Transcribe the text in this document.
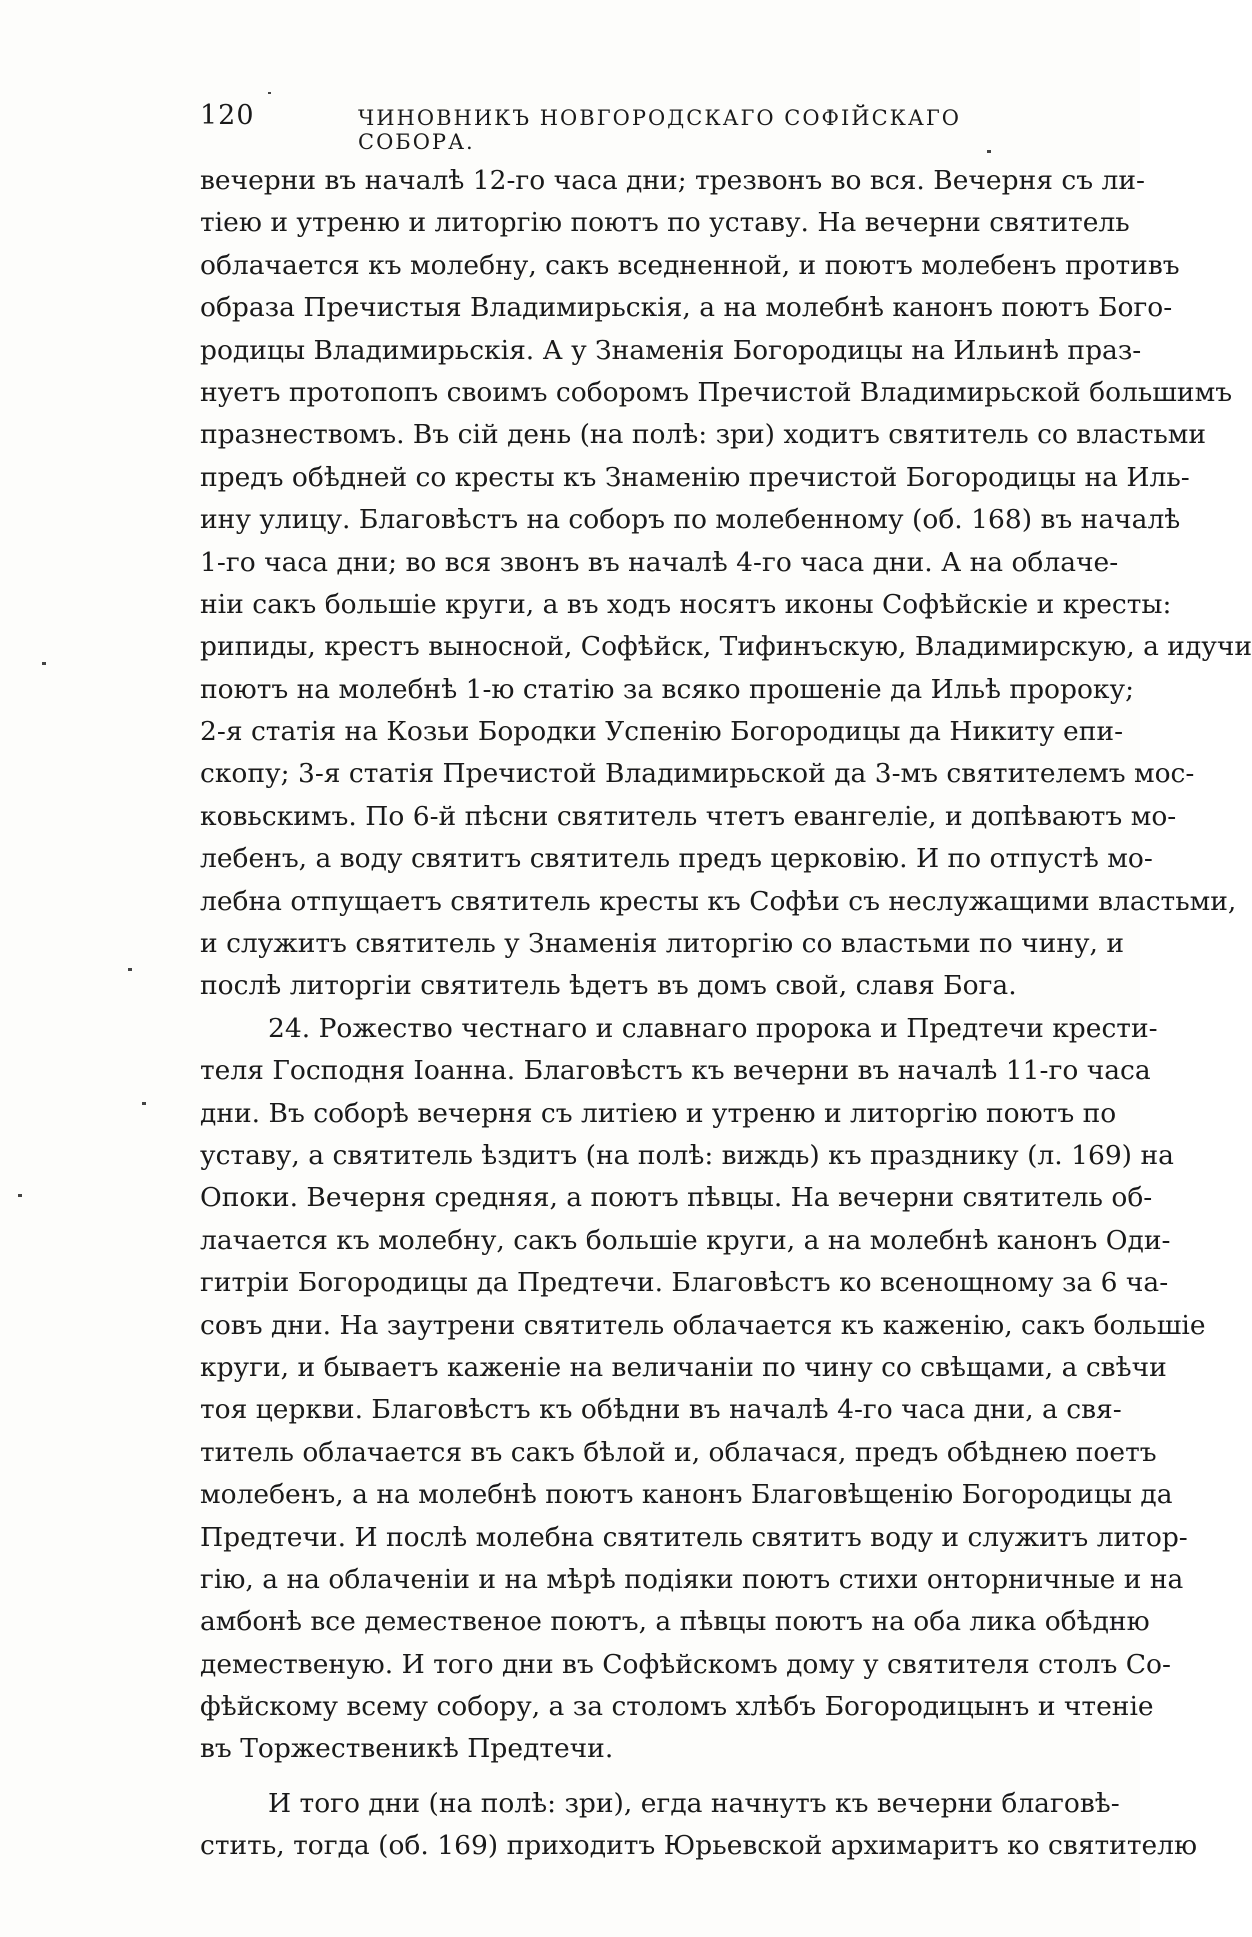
120	ЧИНОВНИКЪ НОВГОРОДСКАГО СОФІЙСКАГО СОБОРА.
вечерни въ началѣ 12-го часа дни; трезвонъ во вся. Вечерня съ ли-
тіею и утреню и литоргію поютъ по уставу. На вечерни святитель
облачается къ молебну, сакъ вседненной, и поютъ молебенъ противъ
образа Пречистыя Владимирьскія, а на молебнѣ канонъ поютъ Бого-
родицы Владимирьскія. А у Знаменія Богородицы на Ильинѣ праз-
нуетъ протопопъ своимъ соборомъ Пречистой Владимирьской большимъ
празнествомъ. Въ сій день (на полѣ: зри) ходитъ святитель со властьми
предъ обѣдней со кресты къ Знаменію пречистой Богородицы на Иль-
ину улицу. Благовѣстъ на соборъ по молебенному (об. 168) въ началѣ
1-го часа дни; во вся звонъ въ началѣ 4-го часа дни. А на облаче-
ніи сакъ большіе круги, а въ ходъ носятъ иконы Софѣйскіе и кресты:
рипиды, крестъ выносной, Софѣйск, Тифинъскую, Владимирскую, а идучи
поютъ на молебнѣ 1-ю статію за всяко прошеніе да Ильѣ пророку;
2-я статія на Козьи Бородки Успенію Богородицы да Никиту епи-
скопу; 3-я статія Пречистой Владимирьской да 3-мъ святителемъ мос-
ковьскимъ. По 6-й пѣсни святитель чтетъ евангеліе, и допѣваютъ мо-
лебенъ, а воду святитъ святитель предъ церковію. И по отпустѣ мо-
лебна отпущаетъ святитель кресты къ Софѣи съ неслужащими властьми,
и служитъ святитель у Знаменія литоргію со властьми по чину, и
послѣ литоргіи святитель ѣдетъ въ домъ свой, славя Бога.
24. Рожество честнаго и славнаго пророка и Предтечи крести-
теля Господня Іоанна. Благовѣстъ къ вечерни въ началѣ 11-го часа
дни. Въ соборѣ вечерня съ литіею и утреню и литоргію поютъ по
уставу, а святитель ѣздитъ (на полѣ: виждь) къ празднику (л. 169) на
Опоки. Вечерня средняя, а поютъ пѣвцы. На вечерни святитель об-
лачается къ молебну, сакъ большіе круги, а на молебнѣ канонъ Оди-
гитріи Богородицы да Предтечи. Благовѣстъ ко всенощному за 6 ча-
совъ дни. На заутрени святитель облачается къ каженію, сакъ большіе
круги, и бываетъ каженіе на величаніи по чину со свѣщами, а свѣчи
тоя церкви. Благовѣстъ къ обѣдни въ началѣ 4-го часа дни, а свя-
титель облачается въ сакъ бѣлой и, облачася, предъ обѣднею поетъ
молебенъ, а на молебнѣ поютъ канонъ Благовѣщенію Богородицы да
Предтечи. И послѣ молебна святитель святитъ воду и служитъ литор-
гію, а на облаченіи и на мѣрѣ подіяки поютъ стихи онторничные и на
амбонѣ все демественое поютъ, а пѣвцы поютъ на оба лика обѣдню
демественую. И того дни въ Софѣйскомъ дому у святителя столъ Со-
фѣйскому всему собору, а за столомъ хлѣбъ Богородицынъ и чтеніе
въ Торжественикѣ Предтечи.
И того дни (на полѣ: зри), егда начнутъ къ вечерни благовѣ-
стить, тогда (об. 169) приходитъ Юрьевской архимаритъ ко святителю
